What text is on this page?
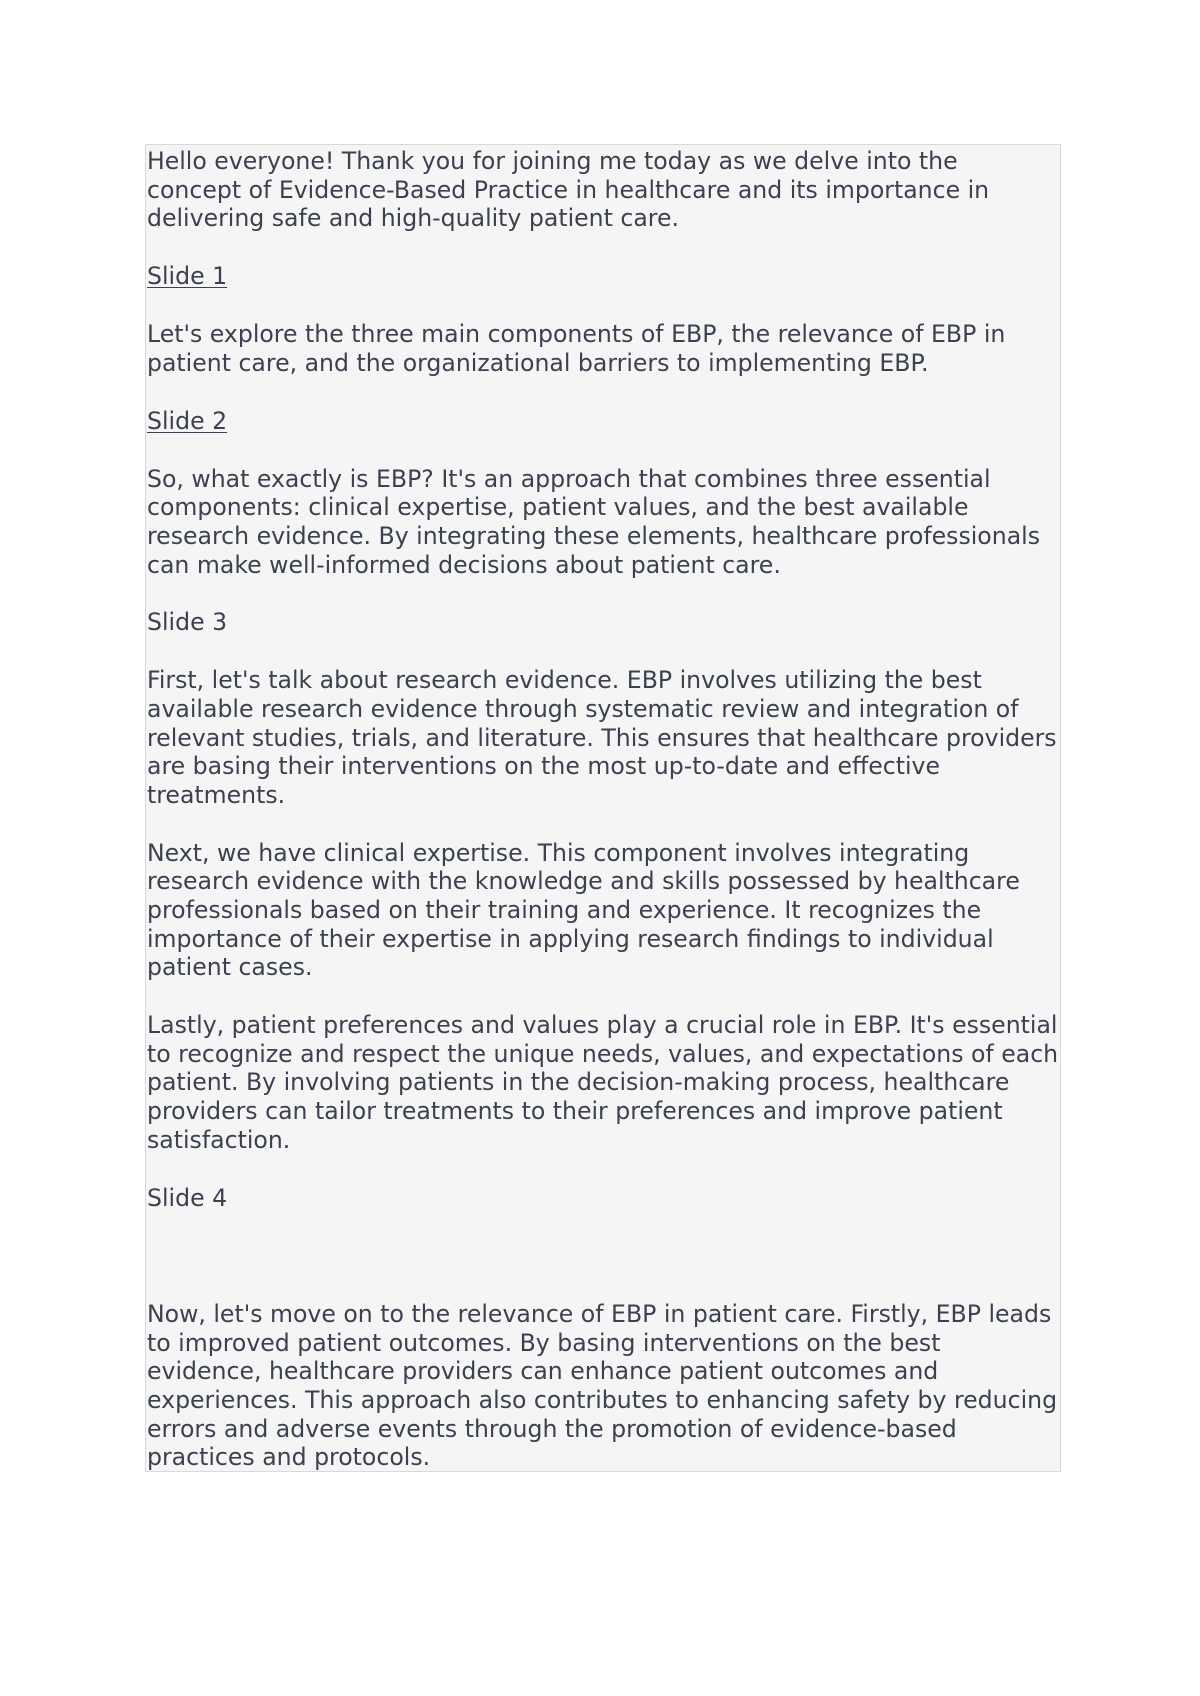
Hello everyone! Thank you for joining me today as we delve into the concept of Evidence-Based Practice in healthcare and its importance in delivering safe and high-quality patient care.

Slide 1

Let's explore the three main components of EBP, the relevance of EBP in patient care, and the organizational barriers to implementing EBP.

Slide 2

So, what exactly is EBP? It's an approach that combines three essential components: clinical expertise, patient values, and the best available research evidence. By integrating these elements, healthcare professionals can make well-informed decisions about patient care.

Slide 3

First, let's talk about research evidence. EBP involves utilizing the best available research evidence through systematic review and integration of relevant studies, trials, and literature. This ensures that healthcare providers are basing their interventions on the most up-to-date and effective treatments.

Next, we have clinical expertise. This component involves integrating research evidence with the knowledge and skills possessed by healthcare professionals based on their training and experience. It recognizes the importance of their expertise in applying research findings to individual patient cases.

Lastly, patient preferences and values play a crucial role in EBP. It's essential to recognize and respect the unique needs, values, and expectations of each patient. By involving patients in the decision-making process, healthcare providers can tailor treatments to their preferences and improve patient satisfaction.

Slide 4

Now, let's move on to the relevance of EBP in patient care. Firstly, EBP leads to improved patient outcomes. By basing interventions on the best evidence, healthcare providers can enhance patient outcomes and experiences. This approach also contributes to enhancing safety by reducing errors and adverse events through the promotion of evidence-based practices and protocols.
